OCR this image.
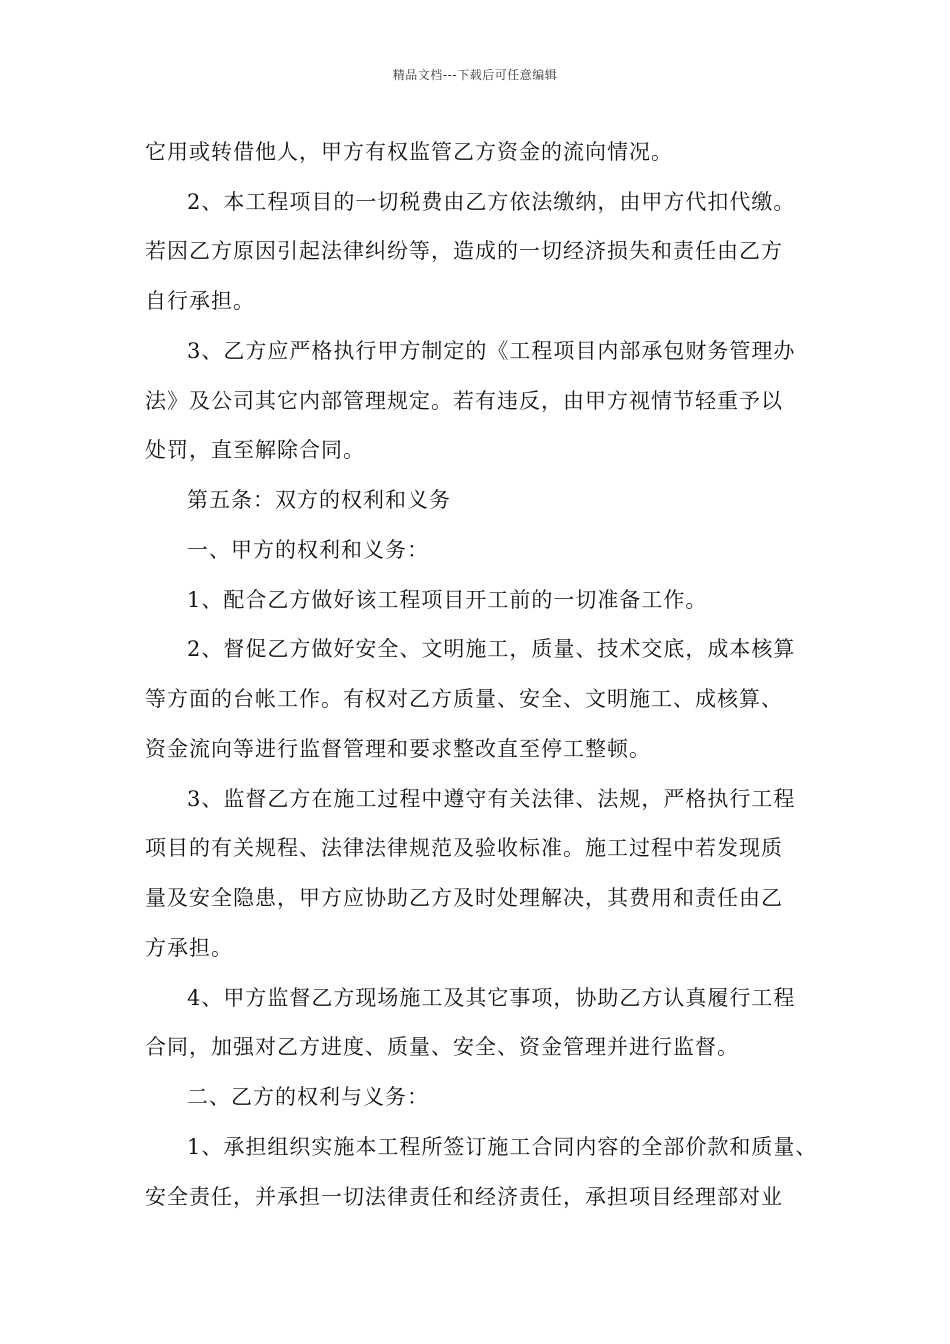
精品文档---下载后可任意编辑
它用或转借他人，甲方有权监管乙方资金的流向情况。
2、本工程项目的一切税费由乙方依法缴纳，由甲方代扣代缴。
若因乙方原因引起法律纠纷等，造成的一切经济损失和责任由乙方
自行承担。
3、乙方应严格执行甲方制定的《工程项目内部承包财务管理办
法》及公司其它内部管理规定。若有违反，由甲方视情节轻重予以
处罚，直至解除合同。
第五条：双方的权利和义务
一、甲方的权利和义务：
1、配合乙方做好该工程项目开工前的一切准备工作。
2、督促乙方做好安全、文明施工，质量、技术交底，成本核算
等方面的台帐工作。有权对乙方质量、安全、文明施工、成核算、
资金流向等进行监督管理和要求整改直至停工整顿。
3、监督乙方在施工过程中遵守有关法律、法规，严格执行工程
项目的有关规程、法律法律规范及验收标准。施工过程中若发现质
量及安全隐患，甲方应协助乙方及时处理解决，其费用和责任由乙
方承担。
4、甲方监督乙方现场施工及其它事项，协助乙方认真履行工程
合同，加强对乙方进度、质量、安全、资金管理并进行监督。
二、乙方的权利与义务：
1、承担组织实施本工程所签订施工合同内容的全部价款和质量、
安全责任，并承担一切法律责任和经济责任，承担项目经理部对业
